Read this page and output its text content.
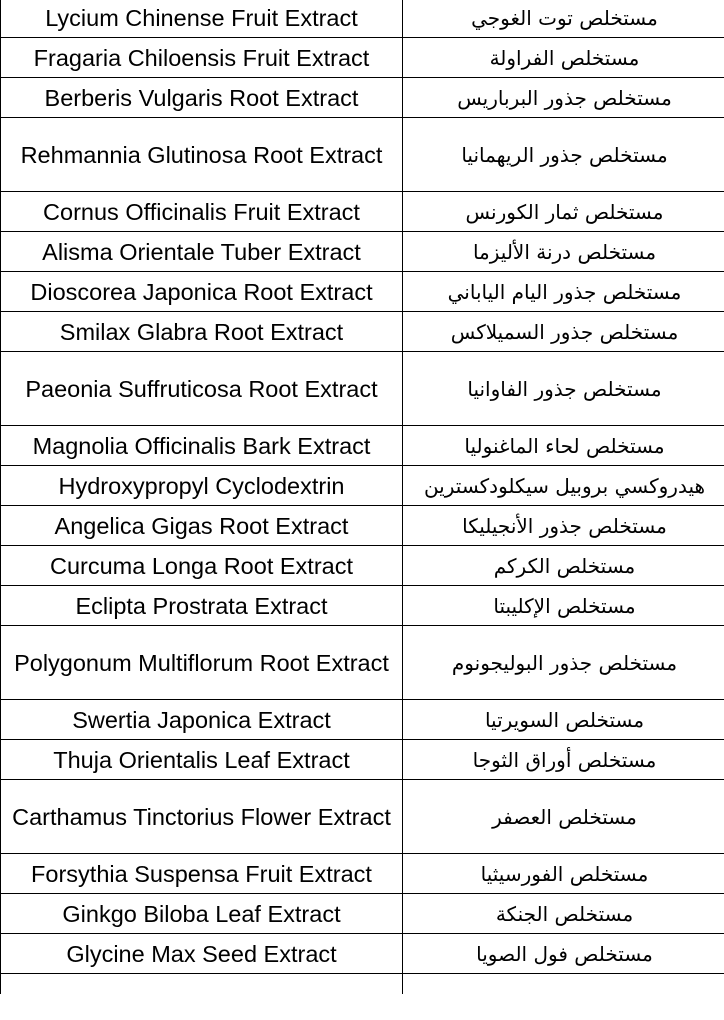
Lycium Chinense Fruit Extract	مستخلص توت الغوجي
Fragaria Chiloensis Fruit Extract	مستخلص الفراولة
Berberis Vulgaris Root Extract	مستخلص جذور البرباريس
Rehmannia Glutinosa Root Extract	مستخلص جذور الريهمانيا
Cornus Officinalis Fruit Extract	مستخلص ثمار الكورنس
Alisma Orientale Tuber Extract	مستخلص درنة الأليزما
Dioscorea Japonica Root Extract	مستخلص جذور اليام الياباني
Smilax Glabra Root Extract	مستخلص جذور السميلاكس
Paeonia Suffruticosa Root Extract	مستخلص جذور الفاوانيا
Magnolia Officinalis Bark Extract	مستخلص لحاء الماغنوليا
Hydroxypropyl Cyclodextrin	هيدروكسي بروبيل سيكلودكسترين
Angelica Gigas Root Extract	مستخلص جذور الأنجيليكا
Curcuma Longa Root Extract	مستخلص الكركم
Eclipta Prostrata Extract	مستخلص الإكليبتا
Polygonum Multiflorum Root Extract	مستخلص جذور البوليجونوم
Swertia Japonica Extract	مستخلص السويرتيا
Thuja Orientalis Leaf Extract	مستخلص أوراق الثوجا
Carthamus Tinctorius Flower Extract	مستخلص العصفر
Forsythia Suspensa Fruit Extract	مستخلص الفورسيثيا
Ginkgo Biloba Leaf Extract	مستخلص الجنكة
Glycine Max Seed Extract	مستخلص فول الصويا
